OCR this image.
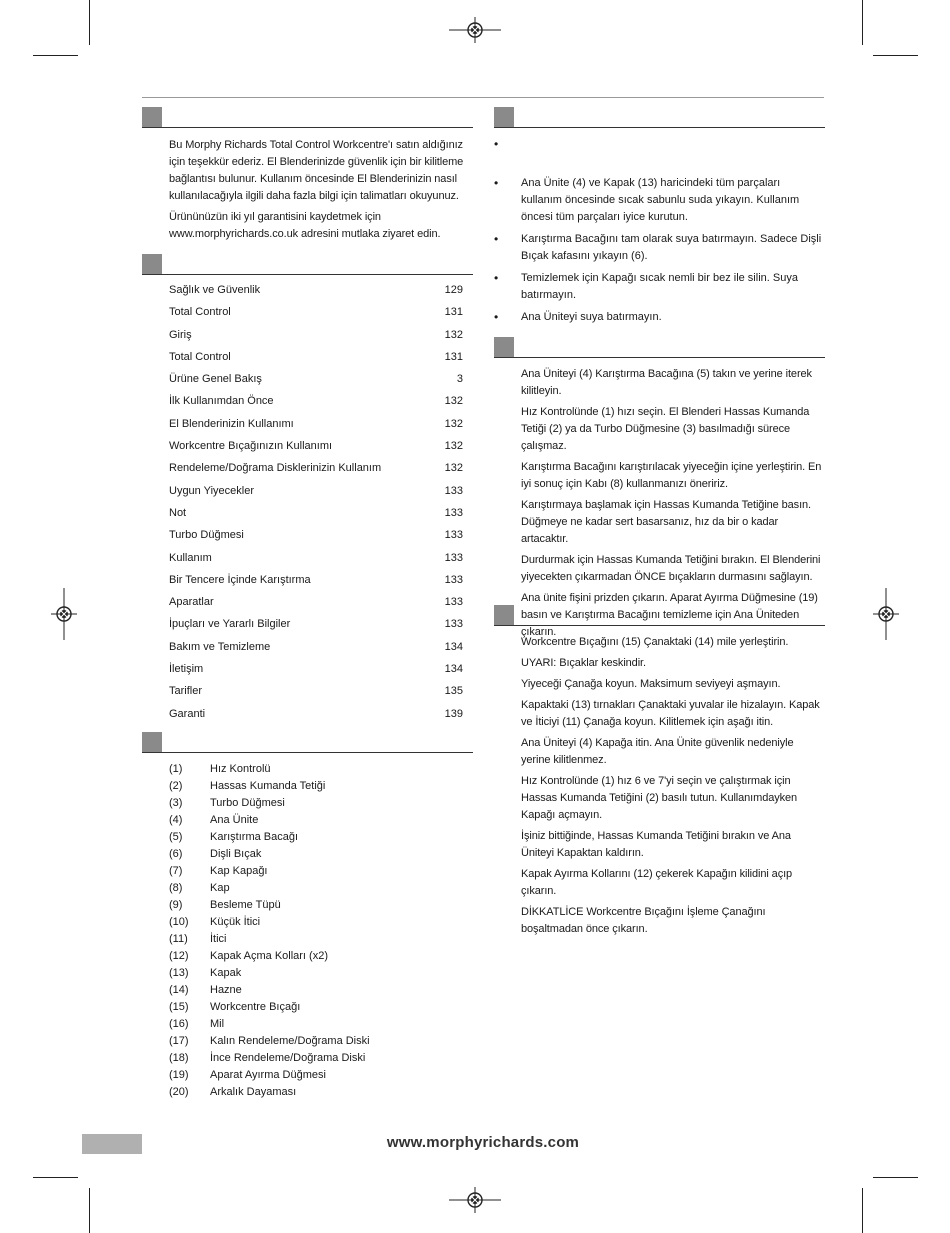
Bu Morphy Richards Total Control Workcentre'ı satın aldığınız için teşekkür ederiz. El Blenderinizde güvenlik için bir kilitleme bağlantısı bulunur. Kullanım öncesinde El Blenderinizin nasıl kullanılacağıyla ilgili daha fazla bilgi için talimatları okuyunuz.

Ürününüzün iki yıl garantisini kaydetmek için www.morphyrichards.co.uk adresini mutlaka ziyaret edin.

Sağlık ve Güvenlik	129
Total Control	131
Giriş	132
Total Control	131
Ürüne Genel Bakış	3
İlk Kullanımdan Önce	132
El Blenderinizin Kullanımı	132
Workcentre Bıçağınızın Kullanımı	132
Rendeleme/Doğrama Disklerinizin Kullanım	132
Uygun Yiyecekler	133
Not	133
Turbo Düğmesi	133
Kullanım	133
Bir Tencere İçinde Karıştırma	133
Aparatlar	133
İpuçları ve Yararlı Bilgiler	133
Bakım ve Temizleme	134
İletişim	134
Tarifler	135
Garanti	139
(1)	Hız Kontrolü
(2)	Hassas Kumanda Tetiği
(3)	Turbo Düğmesi
(4)	Ana Ünite
(5)	Karıştırma Bacağı
(6)	Dişli Bıçak
(7)	Kap Kapağı
(8)	Kap
(9)	Besleme Tüpü
(10)	Küçük İtici
(11)	İtici
(12)	Kapak Açma Kolları (x2)
(13)	Kapak
(14)	Hazne
(15)	Workcentre Bıçağı
(16)	Mil
(17)	Kalın Rendeleme/Doğrama Diski
(18)	İnce Rendeleme/Doğrama Diski
(19)	Aparat Ayırma Düğmesi
(20)	Arkalık Dayaması
•
•	Ana Ünite (4) ve Kapak (13) haricindeki tüm parçaları kullanım öncesinde sıcak sabunlu suda yıkayın. Kullanım öncesi tüm parçaları iyice kurutun.
•	Karıştırma Bacağını tam olarak suya batırmayın. Sadece Dişli Bıçak kafasını yıkayın (6).
•	Temizlemek için Kapağı sıcak nemli bir bez ile silin. Suya batırmayın.
•	Ana Üniteyi suya batırmayın.

Ana Üniteyi (4) Karıştırma Bacağına (5) takın ve yerine iterek kilitleyin.

Hız Kontrolünde (1) hızı seçin. El Blenderi Hassas Kumanda Tetiği (2) ya da Turbo Düğmesine (3) basılmadığı sürece çalışmaz.

Karıştırma Bacağını karıştırılacak yiyeceğin içine yerleştirin. En iyi sonuç için Kabı (8) kullanmanızı öneririz.

Karıştırmaya başlamak için Hassas Kumanda Tetiğine basın. Düğmeye ne kadar sert basarsanız, hız da bir o kadar artacaktır.

Durdurmak için Hassas Kumanda Tetiğini bırakın. El Blenderini yiyecekten çıkarmadan ÖNCE bıçakların durmasını sağlayın.

Ana ünite fişini prizden çıkarın. Aparat Ayırma Düğmesine (19) basın ve Karıştırma Bacağını temizleme için Ana Üniteden çıkarın.

Workcentre Bıçağını (15) Çanaktaki (14) mile yerleştirin.

UYARI: Bıçaklar keskindir.

Yiyeceği Çanağa koyun. Maksimum seviyeyi aşmayın.

Kapaktaki (13) tırnakları Çanaktaki yuvalar ile hizalayın. Kapak ve İticiyi (11) Çanağa koyun. Kilitlemek için aşağı itin.

Ana Üniteyi (4) Kapağa itin. Ana Ünite güvenlik nedeniyle yerine kilitlenmez.

Hız Kontrolünde (1) hız 6 ve 7'yi seçin ve çalıştırmak için Hassas Kumanda Tetiğini (2) basılı tutun. Kullanımdayken Kapağı açmayın.

İşiniz bittiğinde, Hassas Kumanda Tetiğini bırakın ve Ana Üniteyi Kapaktan kaldırın.

Kapak Ayırma Kollarını (12) çekerek Kapağın kilidini açıp çıkarın.

DİKKATLİCE Workcentre Bıçağını İşleme Çanağını boşaltmadan önce çıkarın.

www.morphyrichards.com
